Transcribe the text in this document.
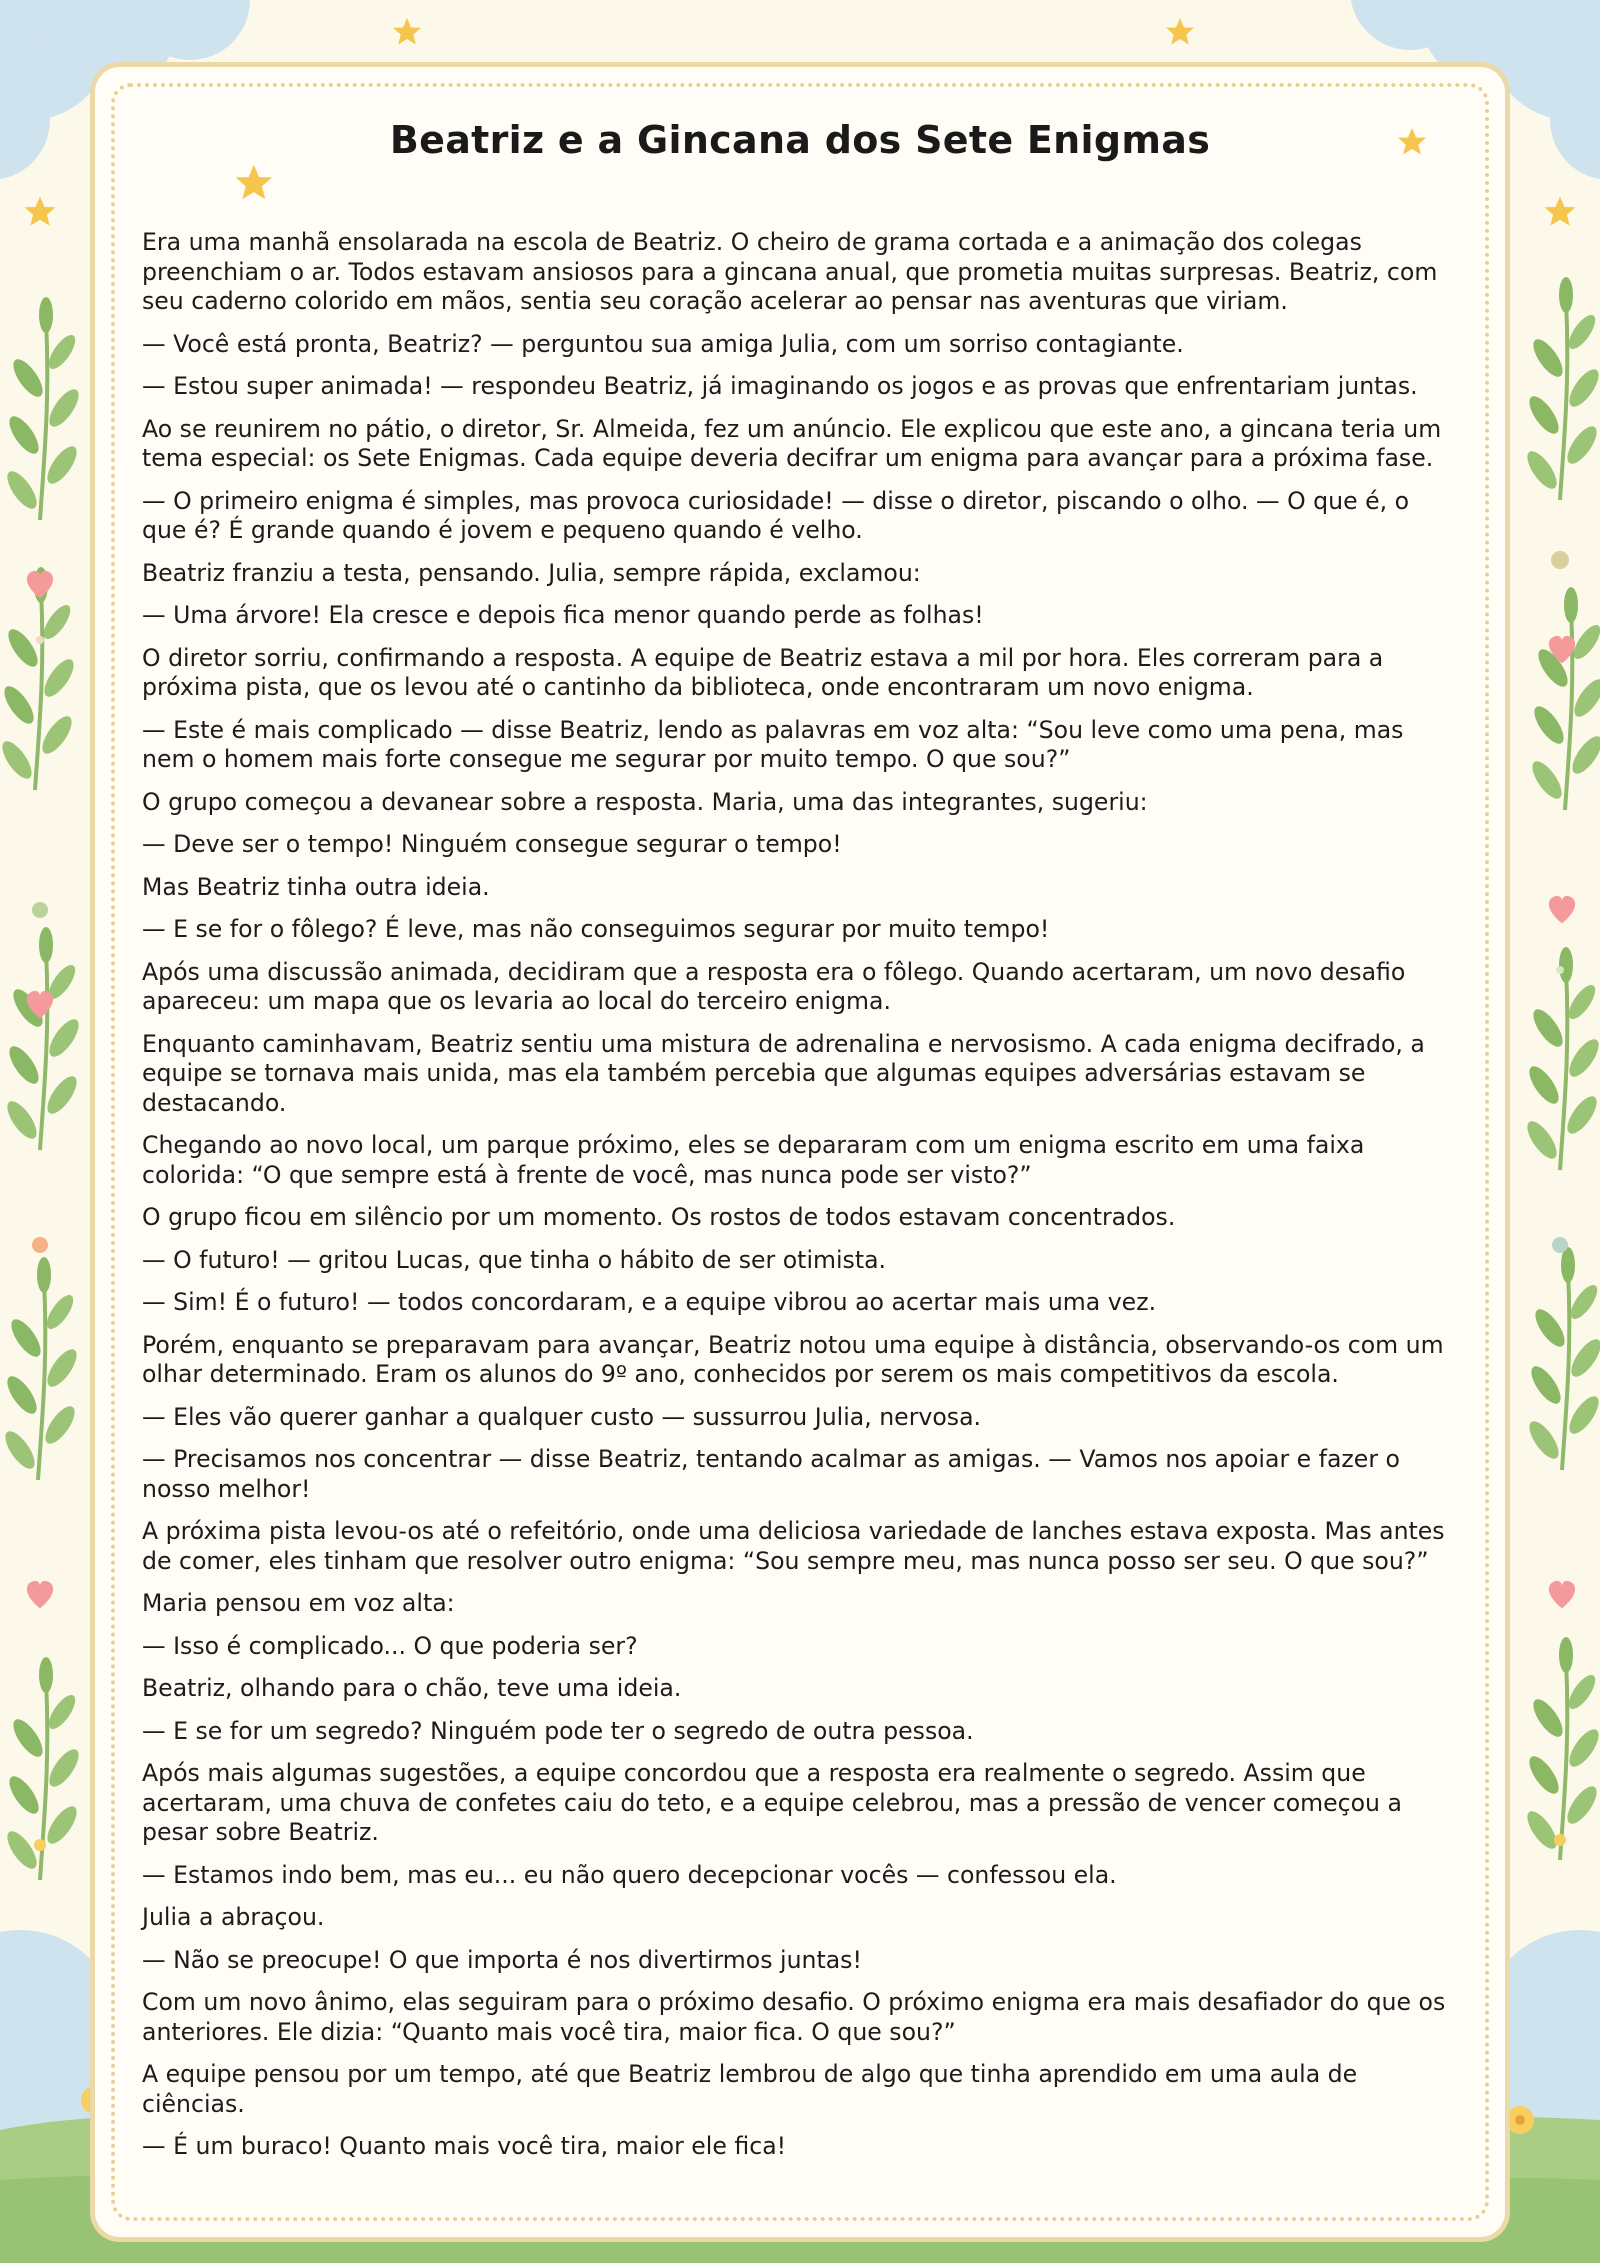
Beatriz e a Gincana dos Sete Enigmas

Era uma manhã ensolarada na escola de Beatriz. O cheiro de grama cortada e a animação dos colegas preenchiam o ar. Todos estavam ansiosos para a gincana anual, que prometia muitas surpresas. Beatriz, com seu caderno colorido em mãos, sentia seu coração acelerar ao pensar nas aventuras que viriam.

— Você está pronta, Beatriz? — perguntou sua amiga Julia, com um sorriso contagiante.

— Estou super animada! — respondeu Beatriz, já imaginando os jogos e as provas que enfrentariam juntas.

Ao se reunirem no pátio, o diretor, Sr. Almeida, fez um anúncio. Ele explicou que este ano, a gincana teria um tema especial: os Sete Enigmas. Cada equipe deveria decifrar um enigma para avançar para a próxima fase.

— O primeiro enigma é simples, mas provoca curiosidade! — disse o diretor, piscando o olho. — O que é, o que é? É grande quando é jovem e pequeno quando é velho.

Beatriz franziu a testa, pensando. Julia, sempre rápida, exclamou:

— Uma árvore! Ela cresce e depois fica menor quando perde as folhas!

O diretor sorriu, confirmando a resposta. A equipe de Beatriz estava a mil por hora. Eles correram para a próxima pista, que os levou até o cantinho da biblioteca, onde encontraram um novo enigma.

— Este é mais complicado — disse Beatriz, lendo as palavras em voz alta: “Sou leve como uma pena, mas nem o homem mais forte consegue me segurar por muito tempo. O que sou?”

O grupo começou a devanear sobre a resposta. Maria, uma das integrantes, sugeriu:

— Deve ser o tempo! Ninguém consegue segurar o tempo!

Mas Beatriz tinha outra ideia.

— E se for o fôlego? É leve, mas não conseguimos segurar por muito tempo!

Após uma discussão animada, decidiram que a resposta era o fôlego. Quando acertaram, um novo desafio apareceu: um mapa que os levaria ao local do terceiro enigma.

Enquanto caminhavam, Beatriz sentiu uma mistura de adrenalina e nervosismo. A cada enigma decifrado, a equipe se tornava mais unida, mas ela também percebia que algumas equipes adversárias estavam se destacando.

Chegando ao novo local, um parque próximo, eles se depararam com um enigma escrito em uma faixa colorida: “O que sempre está à frente de você, mas nunca pode ser visto?”

O grupo ficou em silêncio por um momento. Os rostos de todos estavam concentrados.

— O futuro! — gritou Lucas, que tinha o hábito de ser otimista.

— Sim! É o futuro! — todos concordaram, e a equipe vibrou ao acertar mais uma vez.

Porém, enquanto se preparavam para avançar, Beatriz notou uma equipe à distância, observando-os com um olhar determinado. Eram os alunos do 9º ano, conhecidos por serem os mais competitivos da escola.

— Eles vão querer ganhar a qualquer custo — sussurrou Julia, nervosa.

— Precisamos nos concentrar — disse Beatriz, tentando acalmar as amigas. — Vamos nos apoiar e fazer o nosso melhor!

A próxima pista levou-os até o refeitório, onde uma deliciosa variedade de lanches estava exposta. Mas antes de comer, eles tinham que resolver outro enigma: “Sou sempre meu, mas nunca posso ser seu. O que sou?”

Maria pensou em voz alta:

— Isso é complicado... O que poderia ser?

Beatriz, olhando para o chão, teve uma ideia.

— E se for um segredo? Ninguém pode ter o segredo de outra pessoa.

Após mais algumas sugestões, a equipe concordou que a resposta era realmente o segredo. Assim que acertaram, uma chuva de confetes caiu do teto, e a equipe celebrou, mas a pressão de vencer começou a pesar sobre Beatriz.

— Estamos indo bem, mas eu... eu não quero decepcionar vocês — confessou ela.

Julia a abraçou.

— Não se preocupe! O que importa é nos divertirmos juntas!

Com um novo ânimo, elas seguiram para o próximo desafio. O próximo enigma era mais desafiador do que os anteriores. Ele dizia: “Quanto mais você tira, maior fica. O que sou?”

A equipe pensou por um tempo, até que Beatriz lembrou de algo que tinha aprendido em uma aula de ciências.

— É um buraco! Quanto mais você tira, maior ele fica!
